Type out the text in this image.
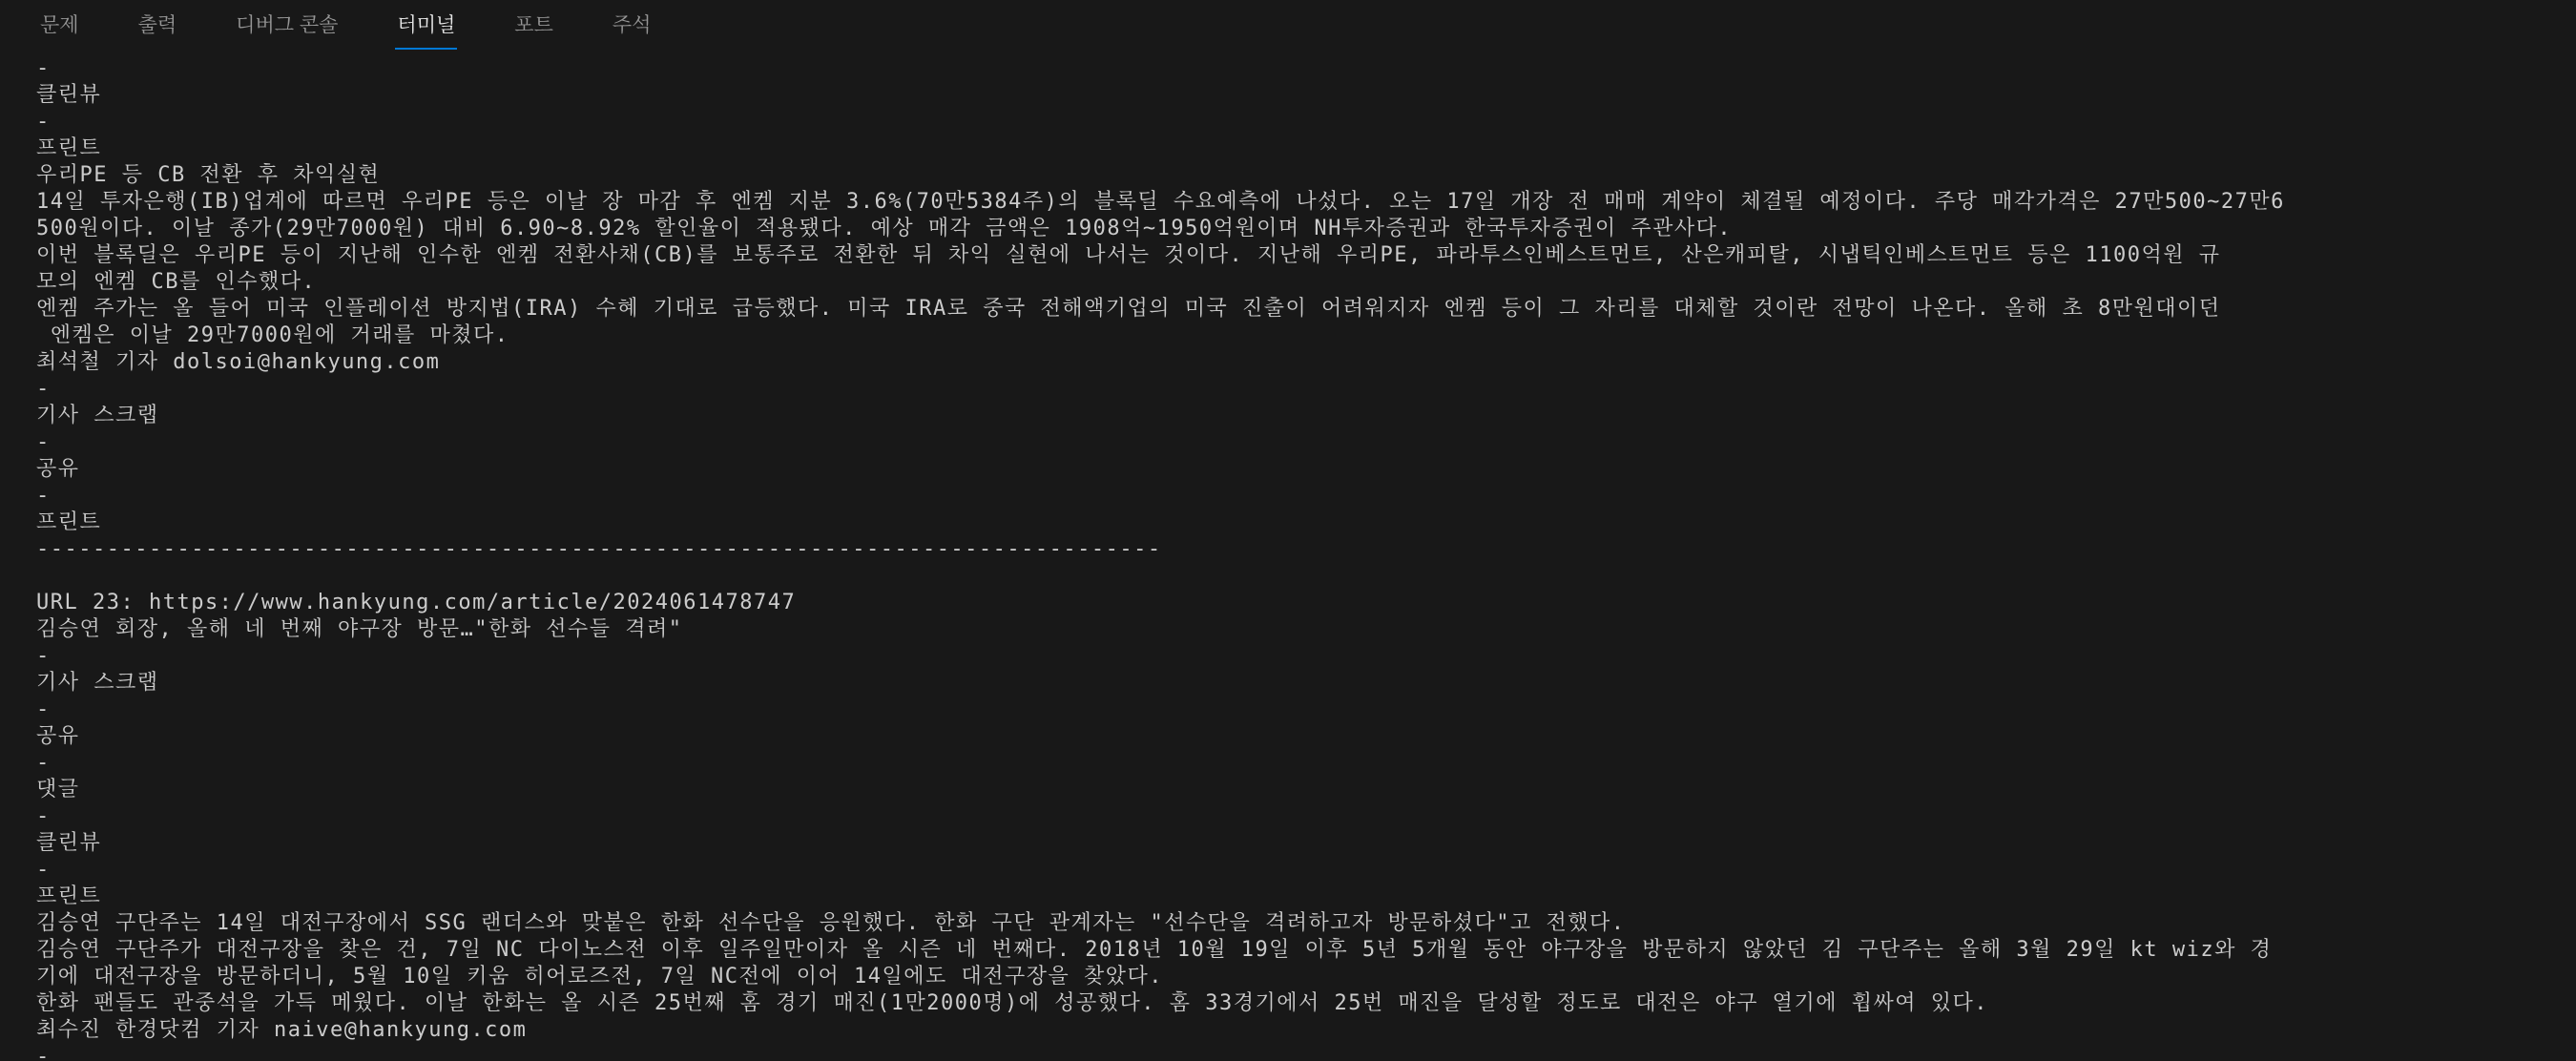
문제	출력	디버그 콘솔	터미널	포트	주석
-
클린뷰
-
프린트
우리PE 등 CB 전환 후 차익실현
14일 투자은행(IB)업계에 따르면 우리PE 등은 이날 장 마감 후 엔켐 지분 3.6%(70만5384주)의 블록딜 수요예측에 나섰다. 오는 17일 개장 전 매매 계약이 체결될 예정이다. 주당 매각가격은 27만500~27만6
500원이다. 이날 종가(29만7000원) 대비 6.90~8.92% 할인율이 적용됐다. 예상 매각 금액은 1908억~1950억원이며 NH투자증권과 한국투자증권이 주관사다.
이번 블록딜은 우리PE 등이 지난해 인수한 엔켐 전환사채(CB)를 보통주로 전환한 뒤 차익 실현에 나서는 것이다. 지난해 우리PE, 파라투스인베스트먼트, 산은캐피탈, 시냅틱인베스트먼트 등은 1100억원 규
모의 엔켐 CB를 인수했다.
엔켐 주가는 올 들어 미국 인플레이션 방지법(IRA) 수혜 기대로 급등했다. 미국 IRA로 중국 전해액기업의 미국 진출이 어려워지자 엔켐 등이 그 자리를 대체할 것이란 전망이 나온다. 올해 초 8만원대이던
엔켐은 이날 29만7000원에 거래를 마쳤다.
최석철 기자 dolsoi@hankyung.com
-
기사 스크랩
-
공유
-
프린트
--------------------------------------------------------------------------------
URL 23: https://www.hankyung.com/article/2024061478747
김승연 회장, 올해 네 번째 야구장 방문…"한화 선수들 격려"
-
기사 스크랩
-
공유
-
댓글
-
클린뷰
-
프린트
김승연 구단주는 14일 대전구장에서 SSG 랜더스와 맞붙은 한화 선수단을 응원했다. 한화 구단 관계자는 "선수단을 격려하고자 방문하셨다"고 전했다.
김승연 구단주가 대전구장을 찾은 건, 7일 NC 다이노스전 이후 일주일만이자 올 시즌 네 번째다. 2018년 10월 19일 이후 5년 5개월 동안 야구장을 방문하지 않았던 김 구단주는 올해 3월 29일 kt wiz와 경
기에 대전구장을 방문하더니, 5월 10일 키움 히어로즈전, 7일 NC전에 이어 14일에도 대전구장을 찾았다.
한화 팬들도 관중석을 가득 메웠다. 이날 한화는 올 시즌 25번째 홈 경기 매진(1만2000명)에 성공했다. 홈 33경기에서 25번 매진을 달성할 정도로 대전은 야구 열기에 휩싸여 있다.
최수진 한경닷컴 기자 naive@hankyung.com
-
